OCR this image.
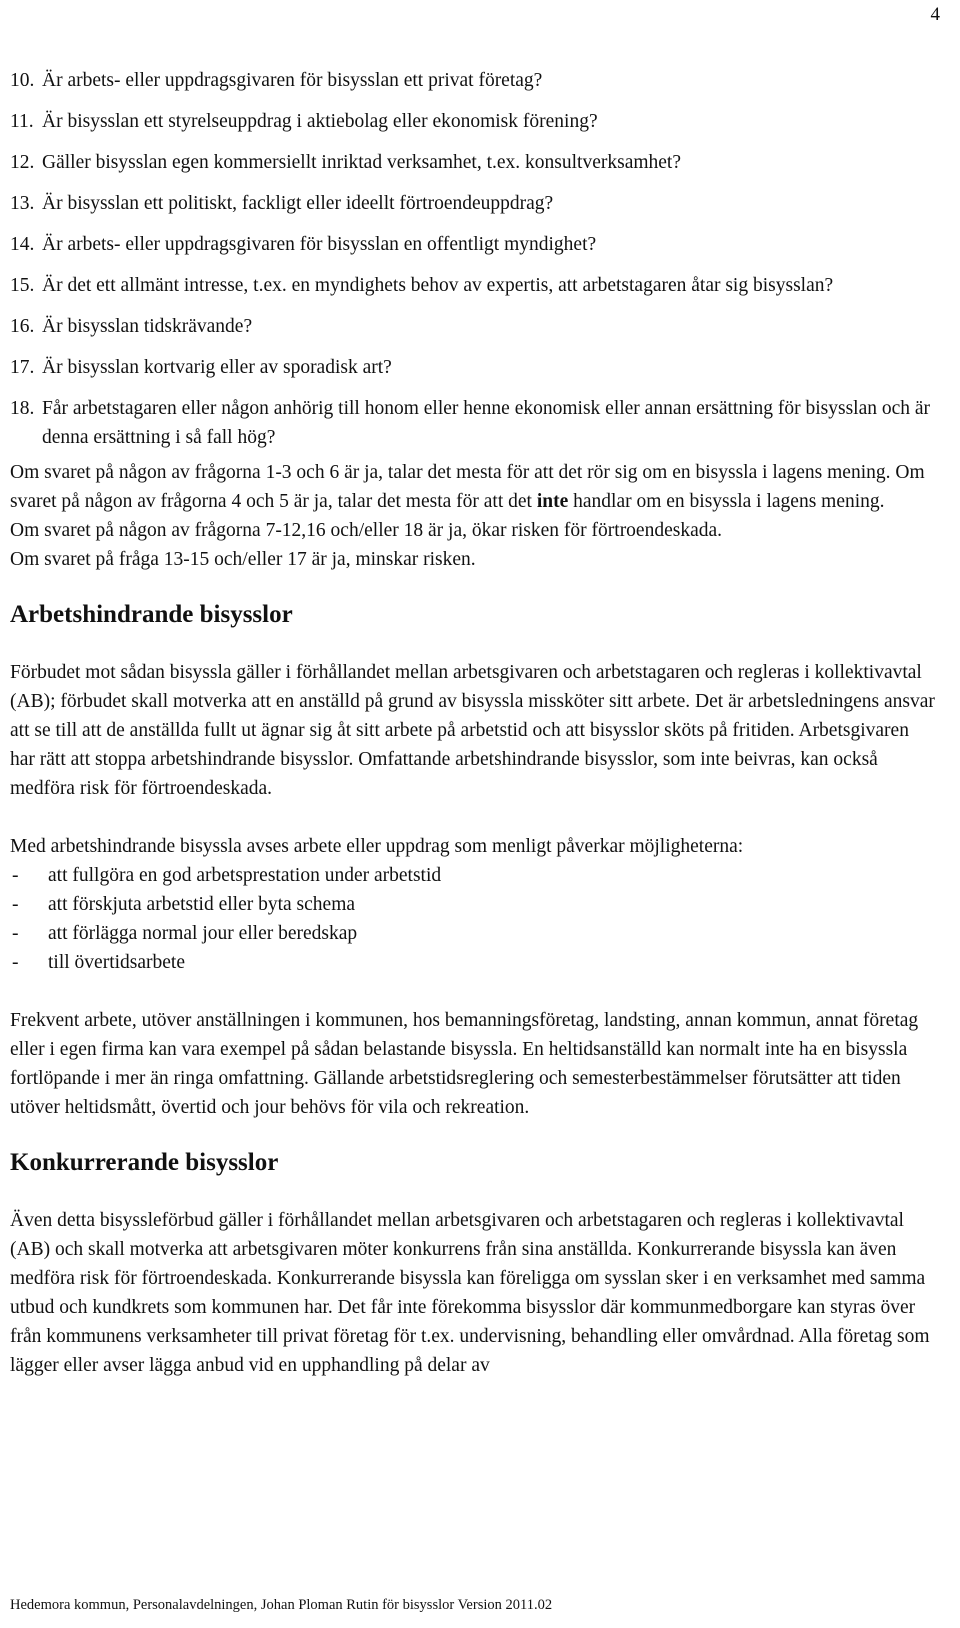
4
10. Är arbets- eller uppdragsgivaren för bisysslan ett privat företag?
11. Är bisysslan ett styrelseuppdrag i aktiebolag eller ekonomisk förening?
12. Gäller bisysslan egen kommersiellt inriktad verksamhet, t.ex. konsultverksamhet?
13. Är bisysslan ett politiskt, fackligt eller ideellt förtroendeuppdrag?
14. Är arbets- eller uppdragsgivaren för bisysslan en offentligt myndighet?
15. Är det ett allmänt intresse, t.ex. en myndighets behov av expertis, att arbetstagaren åtar sig bisysslan?
16. Är bisysslan tidskrävande?
17. Är bisysslan kortvarig eller av sporadisk art?
18. Får arbetstagaren eller någon anhörig till honom eller henne ekonomisk eller annan ersättning för bisysslan och är denna ersättning i så fall hög?

Om svaret på någon av frågorna 1-3 och 6 är ja, talar det mesta för att det rör sig om en bisyssla i lagens mening. Om svaret på någon av frågorna 4 och 5 är ja, talar det mesta för att det inte handlar om en bisyssla i lagens mening.

Om svaret på någon av frågorna 7-12,16 och/eller 18 är ja, ökar risken för förtroendeskada.

Om svaret på fråga 13-15 och/eller 17 är ja, minskar risken.

Arbetshindrande bisysslor

Förbudet mot sådan bisyssla gäller i förhållandet mellan arbetsgivaren och arbetstagaren och regleras i kollektivavtal (AB); förbudet skall motverka att en anställd på grund av bisyssla missköter sitt arbete. Det är arbetsledningens ansvar att se till att de anställda fullt ut ägnar sig åt sitt arbete på arbetstid och att bisysslor sköts på fritiden. Arbetsgivaren har rätt att stoppa arbetshindrande bisysslor. Omfattande arbetshindrande bisysslor, som inte beivras, kan också medföra risk för förtroendeskada.

Med arbetshindrande bisyssla avses arbete eller uppdrag som menligt påverkar möjligheterna:

-	att fullgöra en god arbetsprestation under arbetstid
-	att förskjuta arbetstid eller byta schema
-	att förlägga normal jour eller beredskap
-	till övertidsarbete

Frekvent arbete, utöver anställningen i kommunen, hos bemanningsföretag, landsting, annan kommun, annat företag eller i egen firma kan vara exempel på sådan belastande bisyssla. En heltidsanställd kan normalt inte ha en bisyssla fortlöpande i mer än ringa omfattning. Gällande arbetstidsreglering och semesterbestämmelser förutsätter att tiden utöver heltidsmått, övertid och jour behövs för vila och rekreation.

Konkurrerande bisysslor

Även detta bisyssleförbud gäller i förhållandet mellan arbetsgivaren och arbetstagaren och regleras i kollektivavtal (AB) och skall motverka att arbetsgivaren möter konkurrens från sina anställda. Konkurrerande bisyssla kan även medföra risk för förtroendeskada. Konkurrerande bisyssla kan föreligga om sysslan sker i en verksamhet med samma utbud och kundkrets som kommunen har. Det får inte förekomma bisysslor där kommunmedborgare kan styras över från kommunens verksamheter till privat företag för t.ex. undervisning, behandling eller omvårdnad. Alla företag som lägger eller avser lägga anbud vid en upphandling på delar av

Hedemora kommun, Personalavdelningen, Johan Ploman Rutin för bisysslor Version 2011.02
